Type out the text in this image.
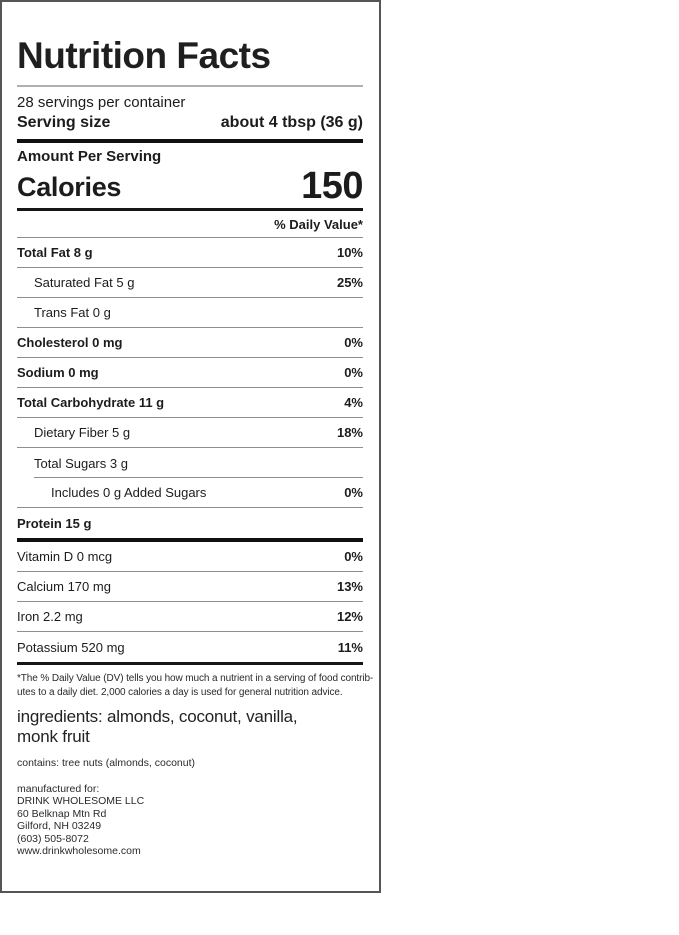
Nutrition Facts
28 servings per container
Serving size	about 4 tbsp (36 g)
Amount Per Serving
Calories	150
% Daily Value*
Total Fat 8 g	10%
Saturated Fat 5 g	25%
Trans Fat 0 g
Cholesterol 0 mg	0%
Sodium 0 mg	0%
Total Carbohydrate 11 g	4%
Dietary Fiber 5 g	18%
Total Sugars 3 g
Includes 0 g Added Sugars	0%
Protein 15 g
Vitamin D 0 mcg	0%
Calcium 170 mg	13%
Iron 2.2 mg	12%
Potassium 520 mg	11%
*The % Daily Value (DV) tells you how much a nutrient in a serving of food contrib-
utes to a daily diet. 2,000 calories a day is used for general nutrition advice.
ingredients: almonds, coconut, vanilla,
monk fruit
contains: tree nuts (almonds, coconut)
manufactured for:
DRINK WHOLESOME LLC
60 Belknap Mtn Rd
Gilford, NH 03249
(603) 505-8072
www.drinkwholesome.com
